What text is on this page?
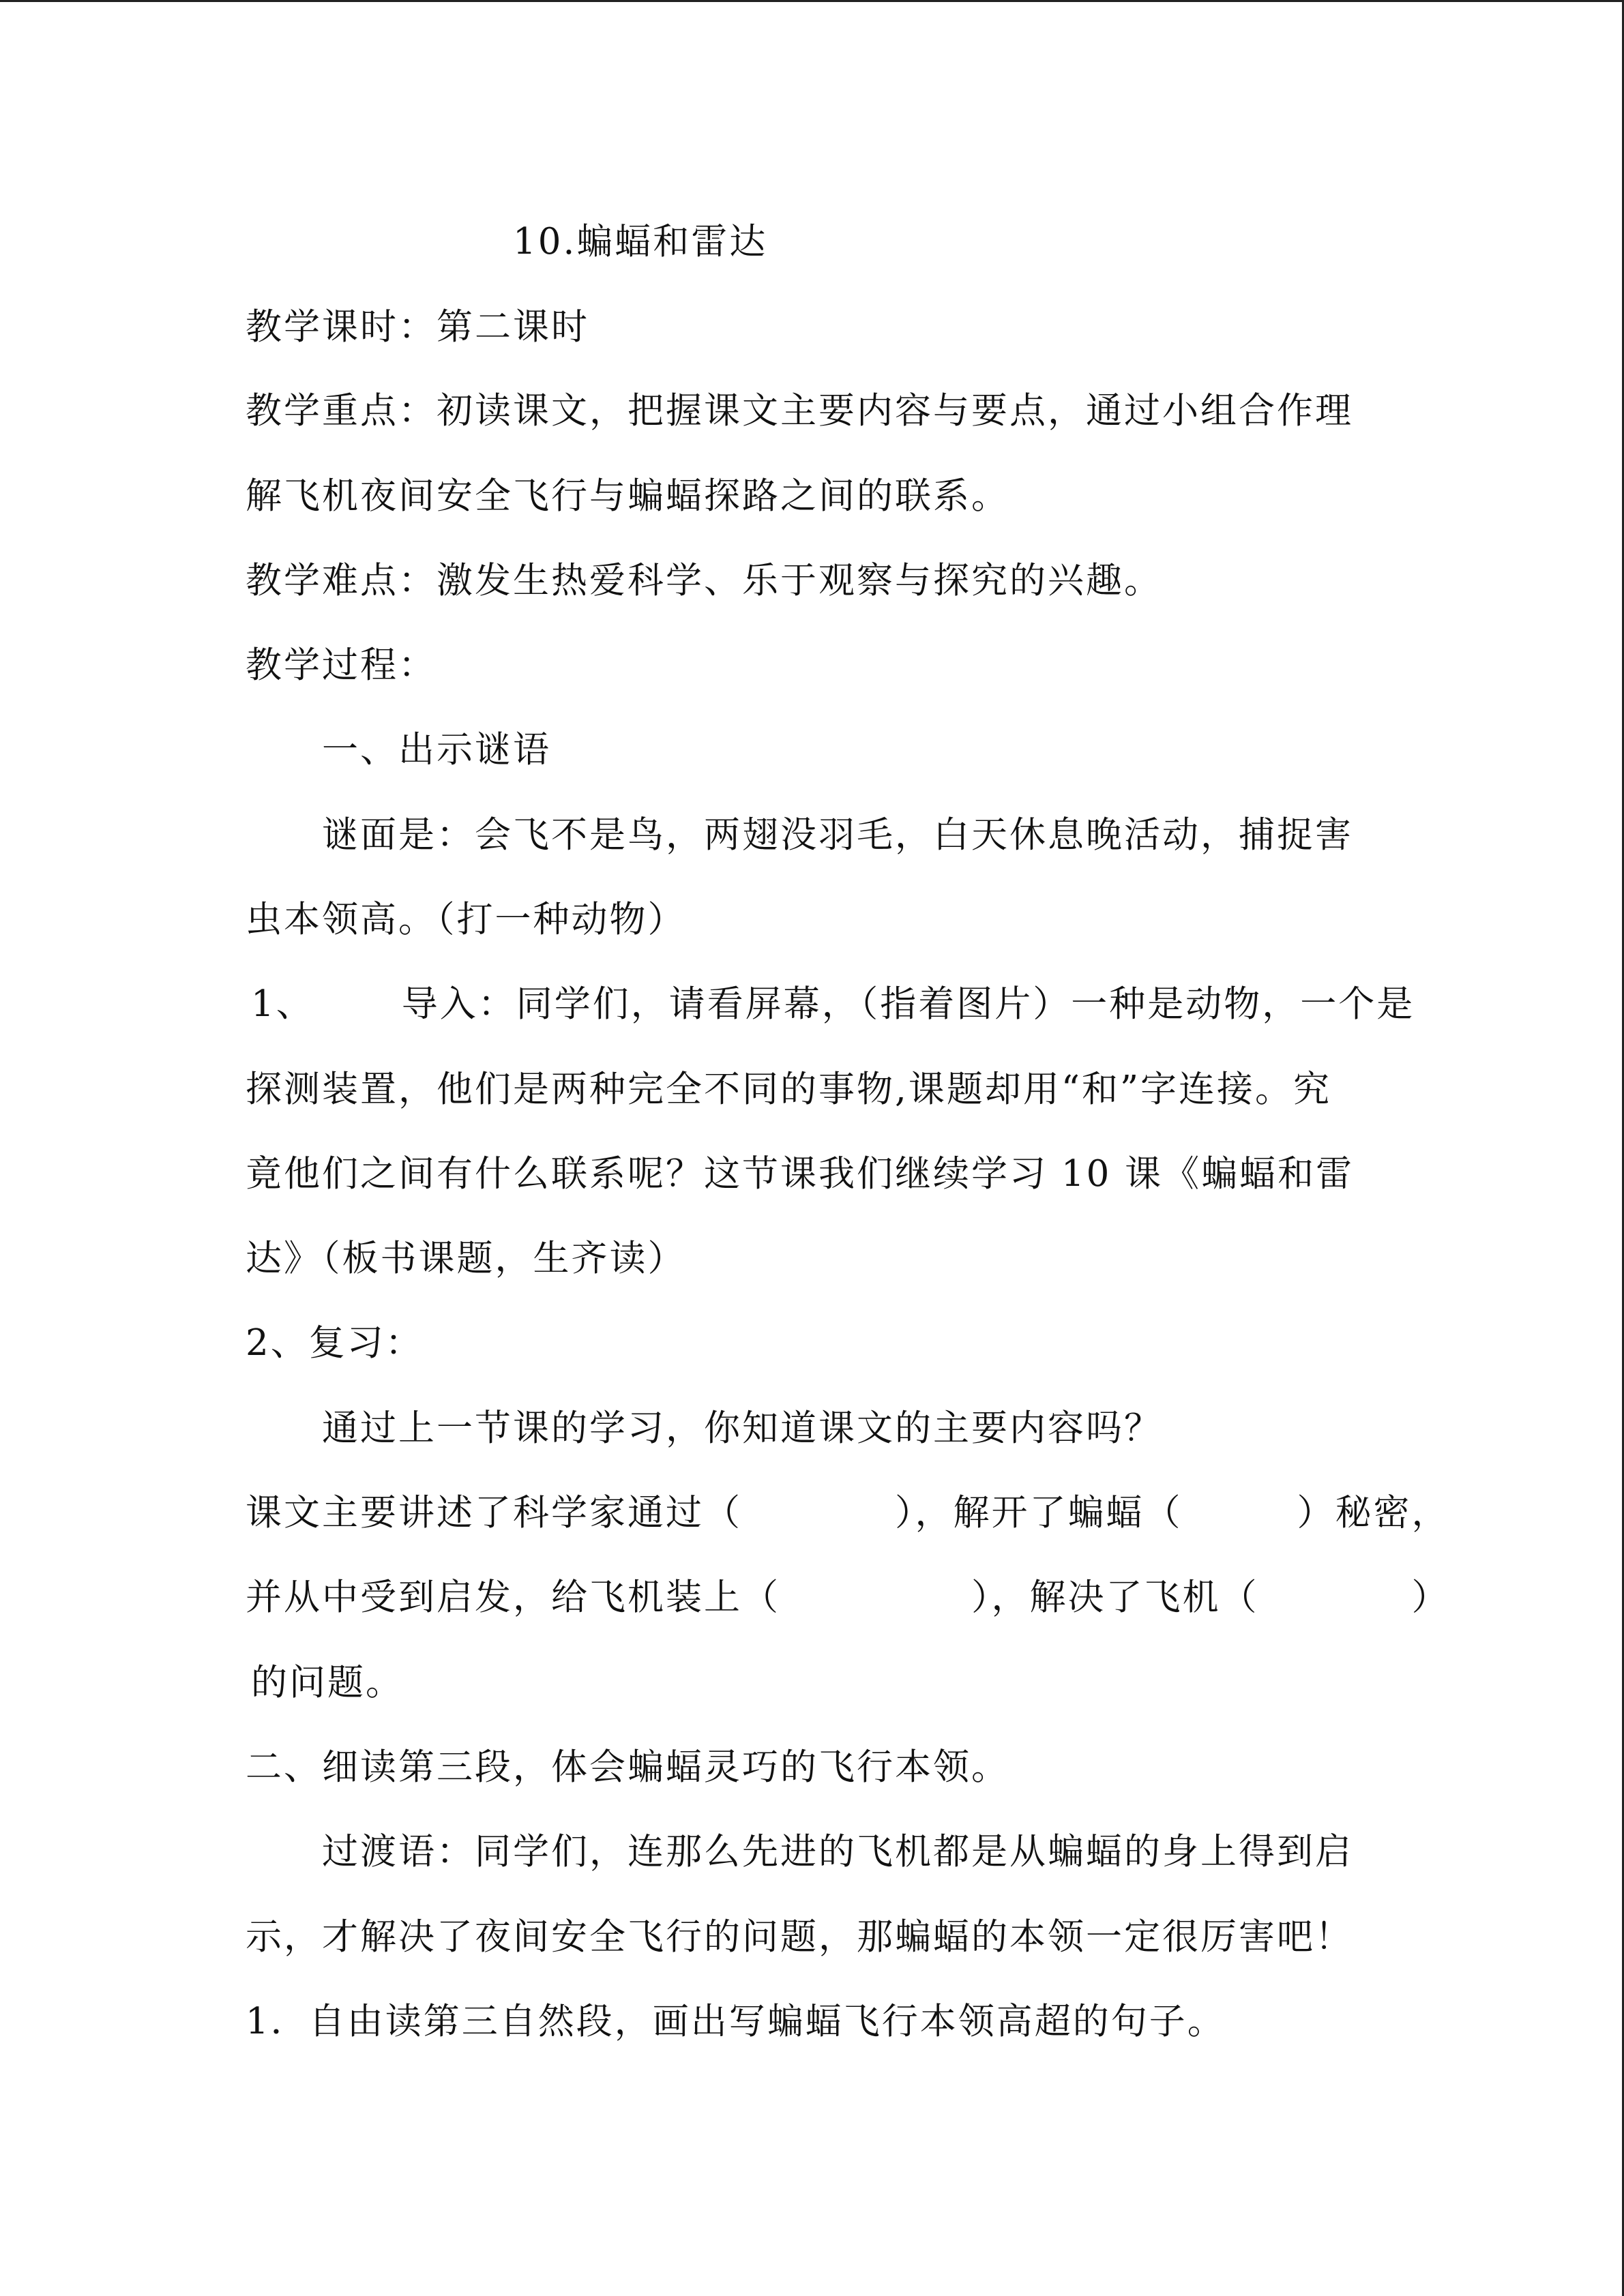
10.蝙蝠和雷达
教学课时：第二课时
教学重点：初读课文，把握课文主要内容与要点，通过小组合作理
解飞机夜间安全飞行与蝙蝠探路之间的联系。
教学难点：激发生热爱科学、乐于观察与探究的兴趣。
教学过程：
一、出示谜语
谜面是：会飞不是鸟，两翅没羽毛，白天休息晚活动，捕捉害
虫本领高。（打一种动物）
1、 导入：同学们，请看屏幕，（指着图片）一种是动物，一个是
探测装置，他们是两种完全不同的事物,课题却用“和”字连接。究
竟他们之间有什么联系呢？这节课我们继续学习 10 课《蝙蝠和雷
达》（板书课题，生齐读）
2、复习：
通过上一节课的学习，你知道课文的主要内容吗？
课文主要讲述了科学家通过（　　　　），解开了蝙蝠（　　　）秘密，
并从中受到启发，给飞机装上（　　　　　），解决了飞机（　　　　）
的问题。
二、细读第三段，体会蝙蝠灵巧的飞行本领。
过渡语：同学们，连那么先进的飞机都是从蝙蝠的身上得到启
示，才解决了夜间安全飞行的问题，那蝙蝠的本领一定很厉害吧！
1．自由读第三自然段，画出写蝙蝠飞行本领高超的句子。
